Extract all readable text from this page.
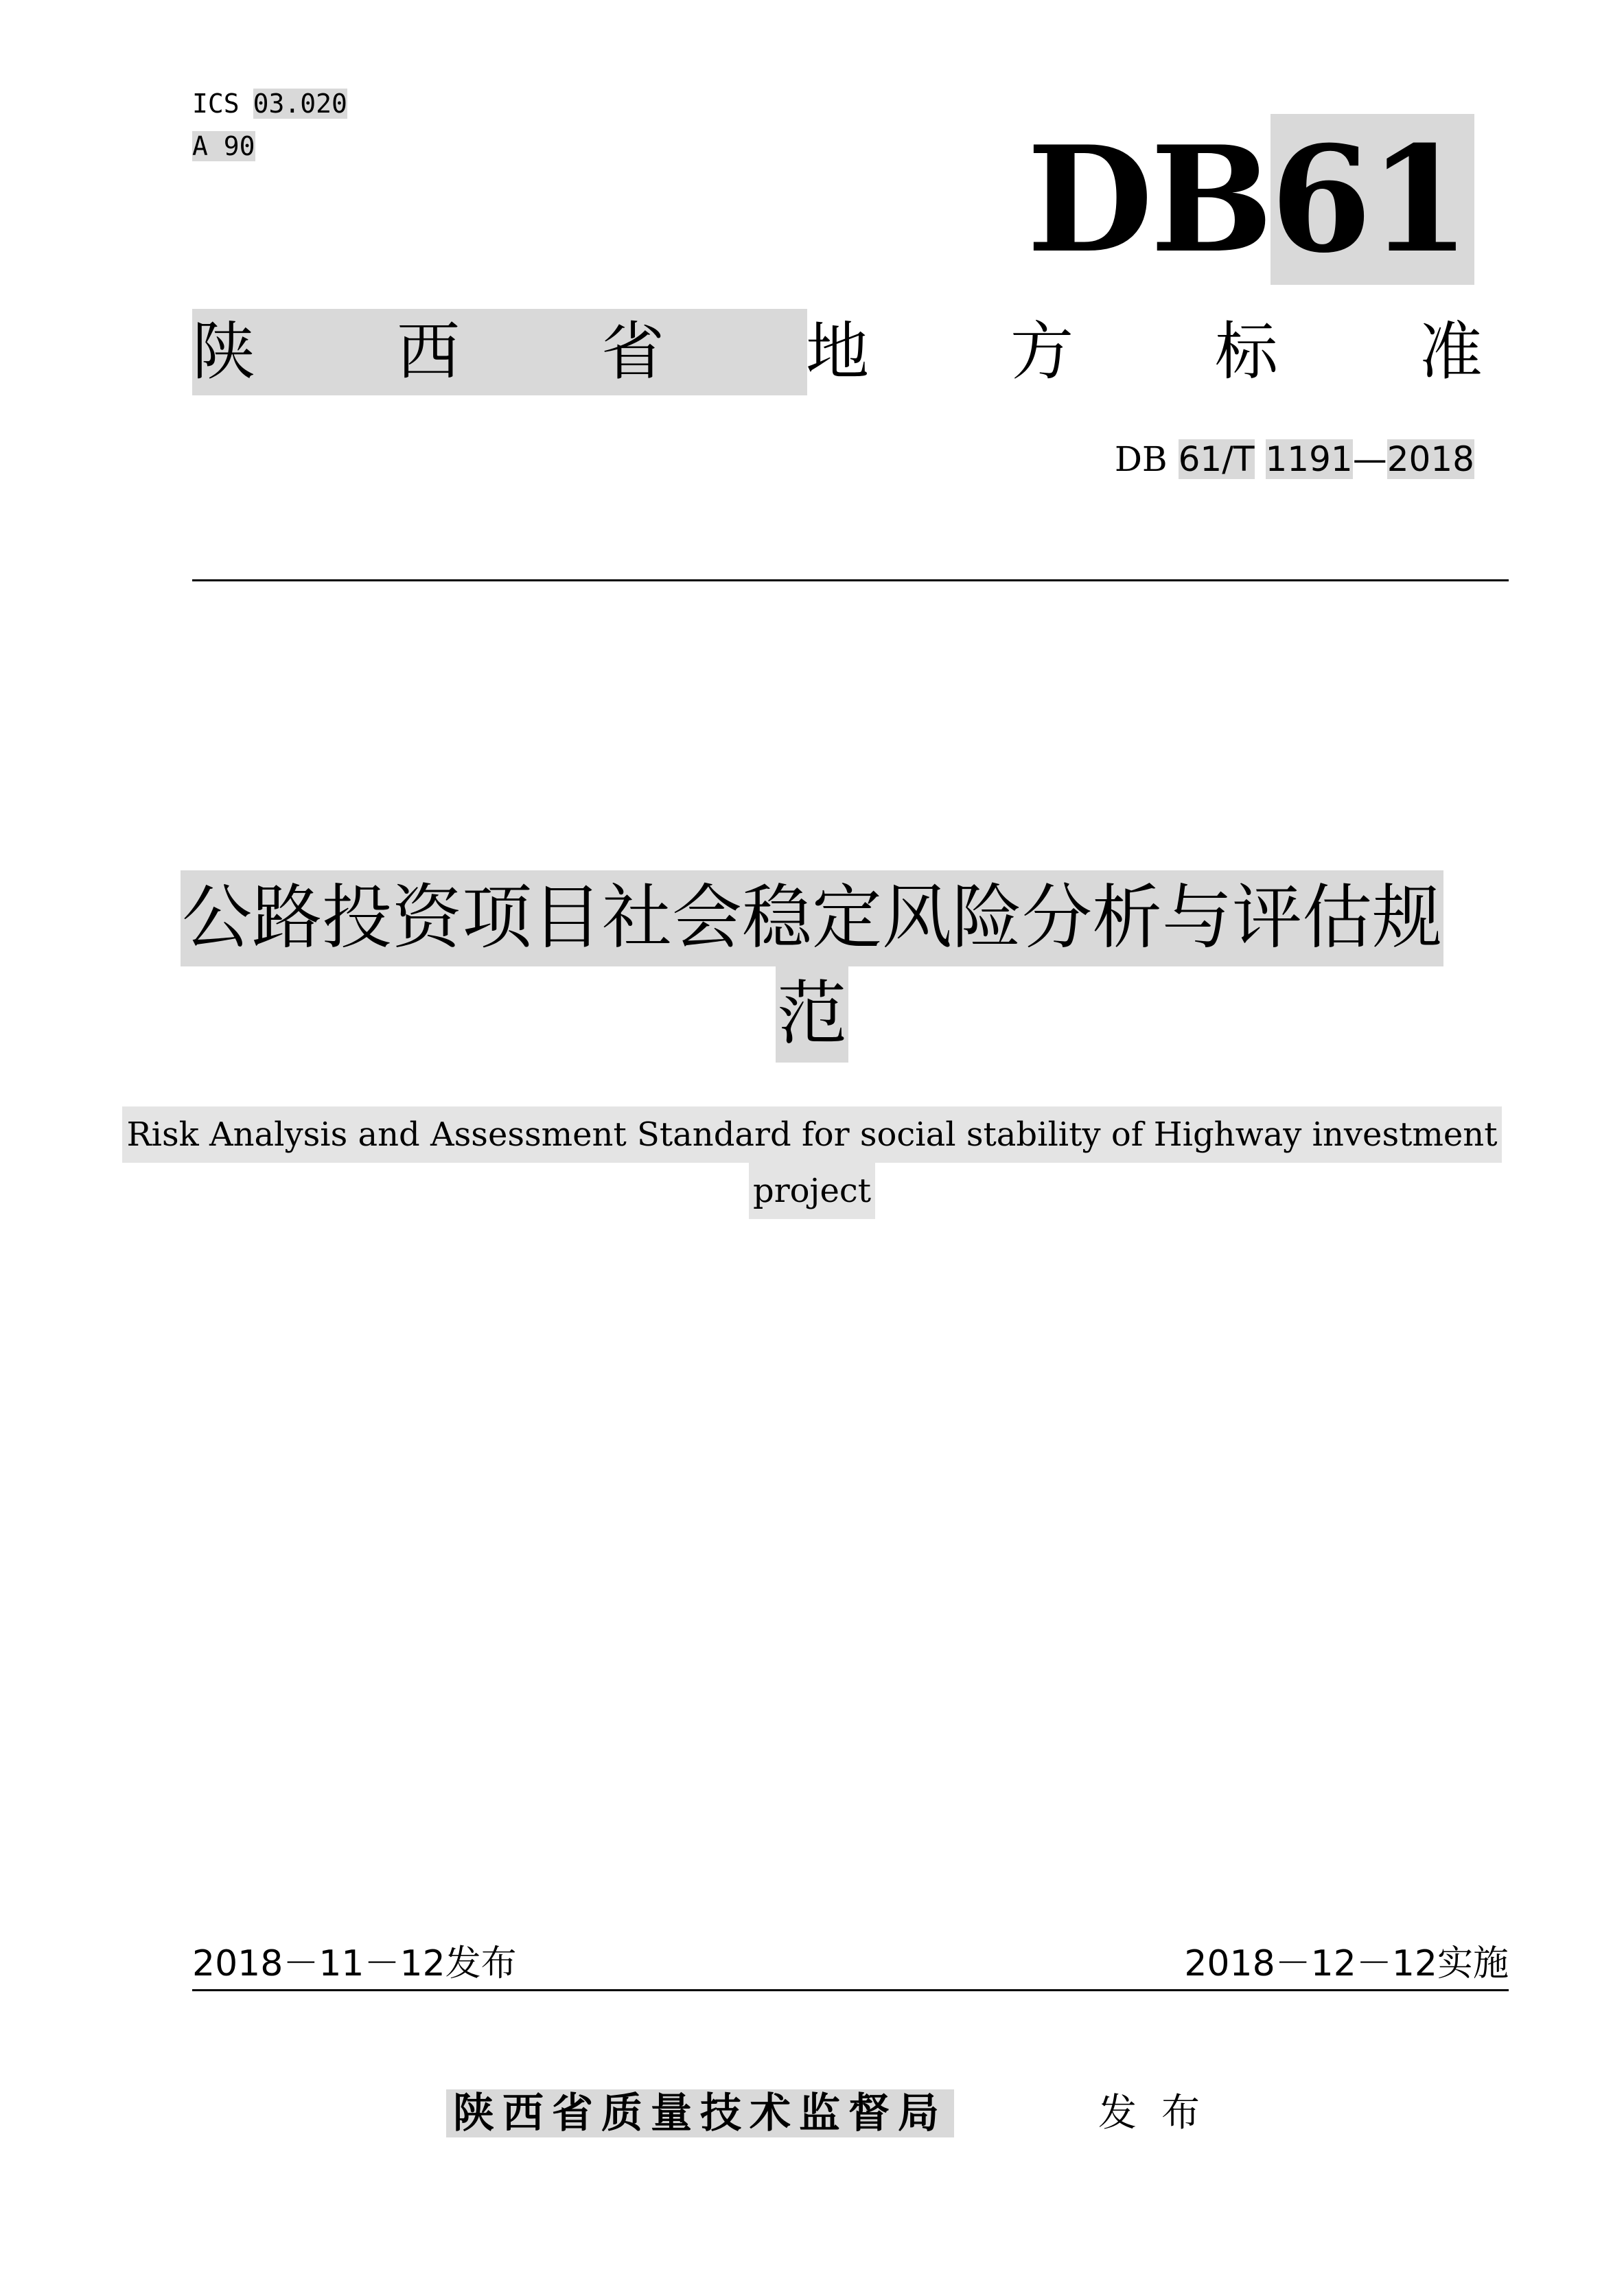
ICS 03.020
A 90	DB61
陕 西 省 地 方 标 准
DB 61/T 1191—2018
公路投资项目社会稳定风险分析与评估规
范
Risk Analysis and Assessment Standard for social stability of Highway investment
project
2018－11－12发布	2018－12－12实施
陕西省质量技术监督局	发布
